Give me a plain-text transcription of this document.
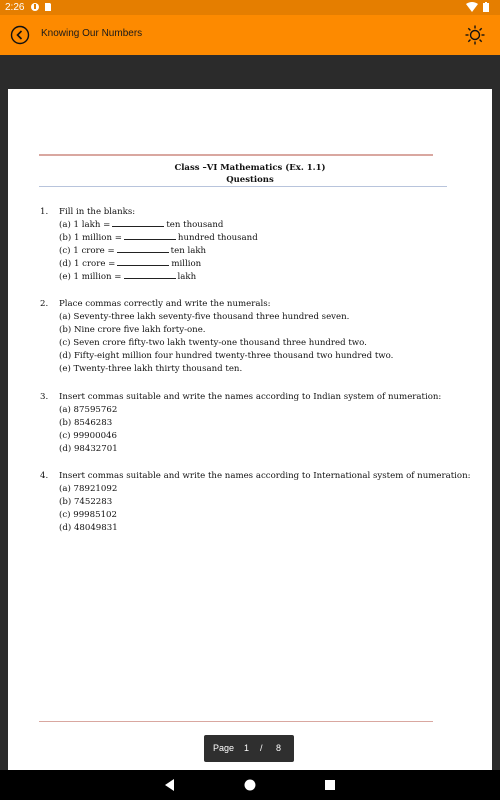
2:26
Knowing Our Numbers
Class –VI Mathematics (Ex. 1.1)
Questions
1. Fill in the blanks:
(a) 1 lakh =	ten thousand
(b) 1 million =	hundred thousand
(c) 1 crore =	ten lakh
(d) 1 crore =	million
(e) 1 million =	lakh
2. Place commas correctly and write the numerals:
(a) Seventy-three lakh seventy-five thousand three hundred seven.
(b) Nine crore five lakh forty-one.
(c) Seven crore fifty-two lakh twenty-one thousand three hundred two.
(d) Fifty-eight million four hundred twenty-three thousand two hundred two.
(e) Twenty-three lakh thirty thousand ten.
3. Insert commas suitable and write the names according to Indian system of numeration:
(a) 87595762
(b) 8546283
(c) 99900046
(d) 98432701
4. Insert commas suitable and write the names according to International system of numeration:
(a) 78921092
(b) 7452283
(c) 99985102
(d) 48049831
Page 1 / 8
